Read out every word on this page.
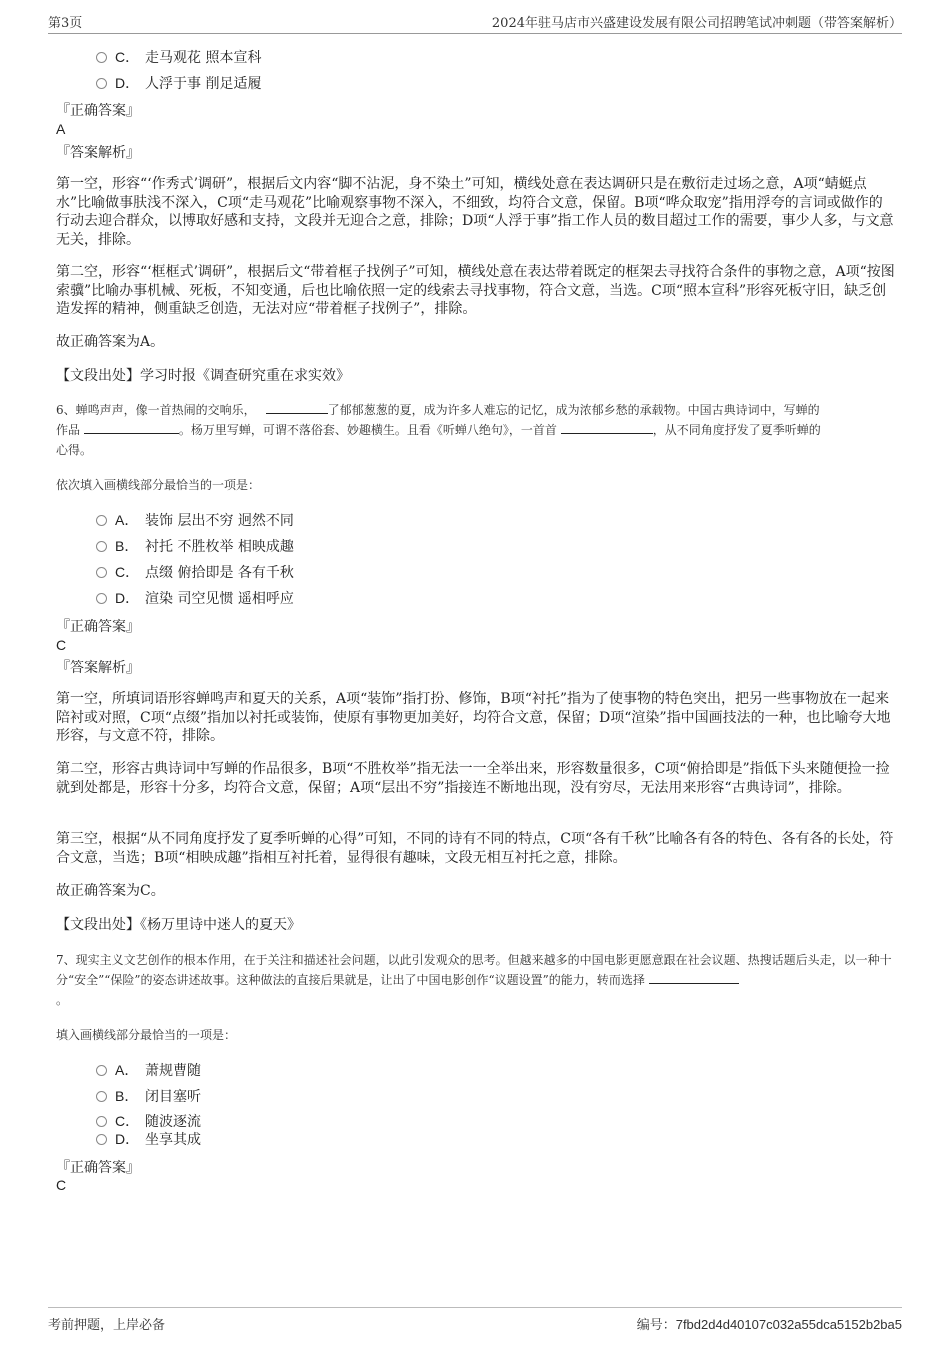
第3页	2024年驻马店市兴盛建设发展有限公司招聘笔试冲刺题（带答案解析）
C． 走马观花 照本宣科
D． 人浮于事 削足适履
『正确答案』
A
『答案解析』
第一空，形容“‘作秀式’调研”，根据后文内容“脚不沾泥，身不染土”可知，横线处意在表达调研只是在敷衍走过场之意，A项“蜻蜓点水”比喻做事肤浅不深入，C项“走马观花”比喻观察事物不深入，不细致，均符合文意，保留。B项“哗众取宠”指用浮夸的言词或做作的行动去迎合群众，以博取好感和支持，文段并无迎合之意，排除；D项“人浮于事”指工作人员的数目超过工作的需要，事少人多，与文意无关，排除。
第二空，形容“‘框框式’调研”，根据后文“带着框子找例子”可知，横线处意在表达带着既定的框架去寻找符合条件的事物之意，A项“按图索骥”比喻办事机械、死板，不知变通，后也比喻依照一定的线索去寻找事物，符合文意，当选。C项“照本宣科”形容死板守旧，缺乏创造发挥的精神，侧重缺乏创造，无法对应“带着框子找例子”，排除。
故正确答案为A。
【文段出处】学习时报《调查研究重在求实效》
6、蝉鸣声声，像一首热闹的交响乐，	了郁郁葱葱的夏，成为许多人难忘的记忆，成为浓郁乡愁的承载物。中国古典诗词中，写蝉的
作品	。杨万里写蝉，可谓不落俗套、妙趣横生。且看《听蝉八绝句》，一首首	，从不同角度抒发了夏季听蝉的
心得。
依次填入画横线部分最恰当的一项是：
A． 装饰 层出不穷 迥然不同
B． 衬托 不胜枚举 相映成趣
C． 点缀 俯拾即是 各有千秋
D． 渲染 司空见惯 遥相呼应
『正确答案』
C
『答案解析』
第一空，所填词语形容蝉鸣声和夏天的关系，A项“装饰”指打扮、修饰，B项“衬托”指为了使事物的特色突出，把另一些事物放在一起来陪衬或对照，C项“点缀”指加以衬托或装饰，使原有事物更加美好，均符合文意，保留；D项“渲染”指中国画技法的一种，也比喻夸大地形容，与文意不符，排除。
第二空，形容古典诗词中写蝉的作品很多，B项“不胜枚举”指无法一一全举出来，形容数量很多，C项“俯拾即是”指低下头来随便捡一捡就到处都是，形容十分多，均符合文意，保留；A项“层出不穷”指接连不断地出现，没有穷尽，无法用来形容“古典诗词”，排除。
第三空，根据“从不同角度抒发了夏季听蝉的心得”可知，不同的诗有不同的特点，C项“各有千秋”比喻各有各的特色、各有各的长处，符合文意，当选；B项“相映成趣”指相互衬托着，显得很有趣味，文段无相互衬托之意，排除。
故正确答案为C。
【文段出处】《杨万里诗中迷人的夏天》
7、现实主义文艺创作的根本作用，在于关注和描述社会问题，以此引发观众的思考。但越来越多的中国电影更愿意跟在社会议题、热搜话题后头走，以一种十分“安全”“保险”的姿态讲述故事。这种做法的直接后果就是，让出了中国电影创作“议题设置”的能力，转而选择
。
填入画横线部分最恰当的一项是：
A． 萧规曹随
B． 闭目塞听
C． 随波逐流
D． 坐享其成
『正确答案』
C
考前押题，上岸必备	编号：7fbd2d4d40107c032a55dca5152b2ba5
